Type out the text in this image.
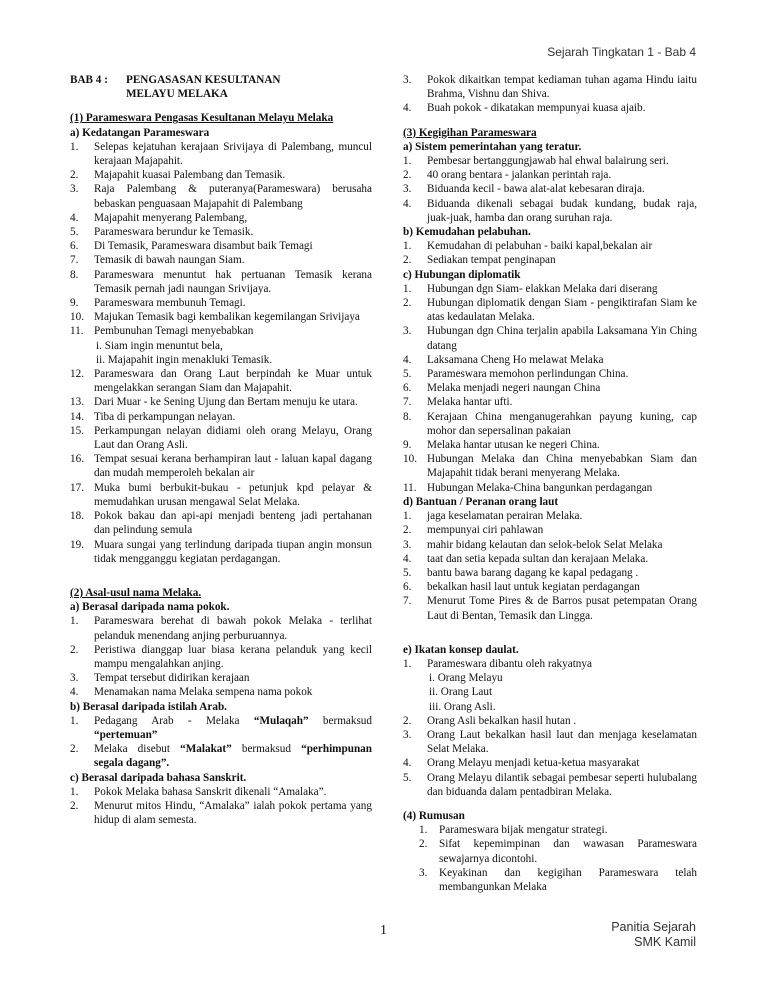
Sejarah Tingkatan 1 - Bab 4
BAB 4 :	PENGASASAN KESULTANAN
MELAYU MELAKA
(1) Parameswara Pengasas Kesultanan Melayu Melaka
a) Kedatangan Parameswara
1.	Selepas kejatuhan kerajaan Srivijaya di Palembang, muncul kerajaan Majapahit.
2.	Majapahit kuasai Palembang dan Temasik.
3.	Raja Palembang & puteranya(Parameswara) berusaha bebaskan penguasaan Majapahit di Palembang
4.	Majapahit menyerang Palembang,
5.	Parameswara berundur ke Temasik.
6.	Di Temasik, Parameswara disambut baik Temagi
7.	Temasik di bawah naungan Siam.
8.	Parameswara menuntut hak pertuanan Temasik kerana Temasik pernah jadi naungan Srivijaya.
9.	Parameswara membunuh Temagi.
10. Majukan Temasik bagi kembalikan kegemilangan Srivijaya
11. Pembunuhan Temagi menyebabkan
i. Siam ingin menuntut bela,
ii. Majapahit ingin menakluki Temasik.
12. Parameswara dan Orang Laut berpindah ke Muar untuk mengelakkan serangan Siam dan Majapahit.
13. Dari Muar - ke Sening Ujung dan Bertam menuju ke utara.
14. Tiba di perkampungan nelayan.
15. Perkampungan nelayan didiami oleh orang Melayu, Orang Laut dan Orang Asli.
16. Tempat sesuai kerana berhampiran laut - laluan kapal dagang dan mudah memperoleh bekalan air
17. Muka bumi berbukit-bukau - petunjuk kpd pelayar & memudahkan urusan mengawal Selat Melaka.
18. Pokok bakau dan api-api menjadi benteng jadi pertahanan dan pelindung semula
19. Muara sungai yang terlindung daripada tiupan angin monsun tidak mengganggu kegiatan perdagangan.
(2) Asal-usul nama Melaka.
a) Berasal daripada nama pokok.
1.	Parameswara berehat di bawah pokok Melaka - terlihat pelanduk menendang anjing perburuannya.
2.	Peristiwa dianggap luar biasa kerana pelanduk yang kecil mampu mengalahkan anjing.
3.	Tempat tersebut didirikan kerajaan
4.	Menamakan nama Melaka sempena nama pokok
b) Berasal daripada istilah Arab.
1.	Pedagang Arab - Melaka “Mulaqah” bermaksud “pertemuan”
2.	Melaka disebut “Malakat” bermaksud “perhimpunan segala dagang”.
c) Berasal daripada bahasa Sanskrit.
1.	Pokok Melaka bahasa Sanskrit dikenali “Amalaka”.
2.	Menurut mitos Hindu, “Amalaka” ialah pokok pertama yang hidup di alam semesta.
3.	Pokok dikaitkan tempat kediaman tuhan agama Hindu iaitu Brahma, Vishnu dan Shiva.
4.	Buah pokok - dikatakan mempunyai kuasa ajaib.
(3) Kegigihan Parameswara
a) Sistem pemerintahan yang teratur.
1.	Pembesar bertanggungjawab hal ehwal balairung seri.
2.	40 orang bentara - jalankan perintah raja.
3.	Biduanda kecil - bawa alat-alat kebesaran diraja.
4.	Biduanda dikenali sebagai budak kundang, budak raja, juak-juak, hamba dan orang suruhan raja.
b) Kemudahan pelabuhan.
1.	Kemudahan di pelabuhan - baiki kapal,bekalan air
2.	Sediakan tempat penginapan
c) Hubungan diplomatik
1.	Hubungan dgn Siam- elakkan Melaka dari diserang
2.	Hubungan diplomatik dengan Siam - pengiktirafan Siam ke atas kedaulatan Melaka.
3.	Hubungan dgn China terjalin apabila Laksamana Yin Ching datang
4.	Laksamana Cheng Ho melawat Melaka
5.	Parameswara memohon perlindungan China.
6.	Melaka menjadi negeri naungan China
7.	Melaka hantar ufti.
8.	Kerajaan China menganugerahkan payung kuning, cap mohor dan sepersalinan pakaian
9.	Melaka hantar utusan ke negeri China.
10. Hubungan Melaka dan China menyebabkan Siam dan Majapahit tidak berani menyerang Melaka.
11. Hubungan Melaka-China bangunkan perdagangan
d) Bantuan / Peranan orang laut
1.	jaga keselamatan perairan Melaka.
2.	mempunyai ciri pahlawan
3.	mahir bidang kelautan dan selok-belok Selat Melaka
4.	taat dan setia kepada sultan dan kerajaan Melaka.
5.	bantu bawa barang dagang ke kapal pedagang .
6.	bekalkan hasil laut untuk kegiatan perdagangan
7.	Menurut Tome Pires & de Barros pusat petempatan Orang Laut di Bentan, Temasik dan Lingga.
e) Ikatan konsep daulat.
1.	Parameswara dibantu oleh rakyatnya
i. Orang Melayu
ii. Orang Laut
iii. Orang Asli.
2.	Orang Asli bekalkan hasil hutan .
3.	Orang Laut bekalkan hasil laut dan menjaga keselamatan Selat Melaka.
4.	Orang Melayu menjadi ketua-ketua masyarakat
5.	Orang Melayu dilantik sebagai pembesar seperti hulubalang dan biduanda dalam pentadbiran Melaka.
(4) Rumusan
1.	Parameswara bijak mengatur strategi.
2.	Sifat kepemimpinan dan wawasan Parameswara sewajarnya dicontohi.
3.	Keyakinan dan kegigihan Parameswara telah membangunkan Melaka
1	Panitia Sejarah
SMK Kamil
